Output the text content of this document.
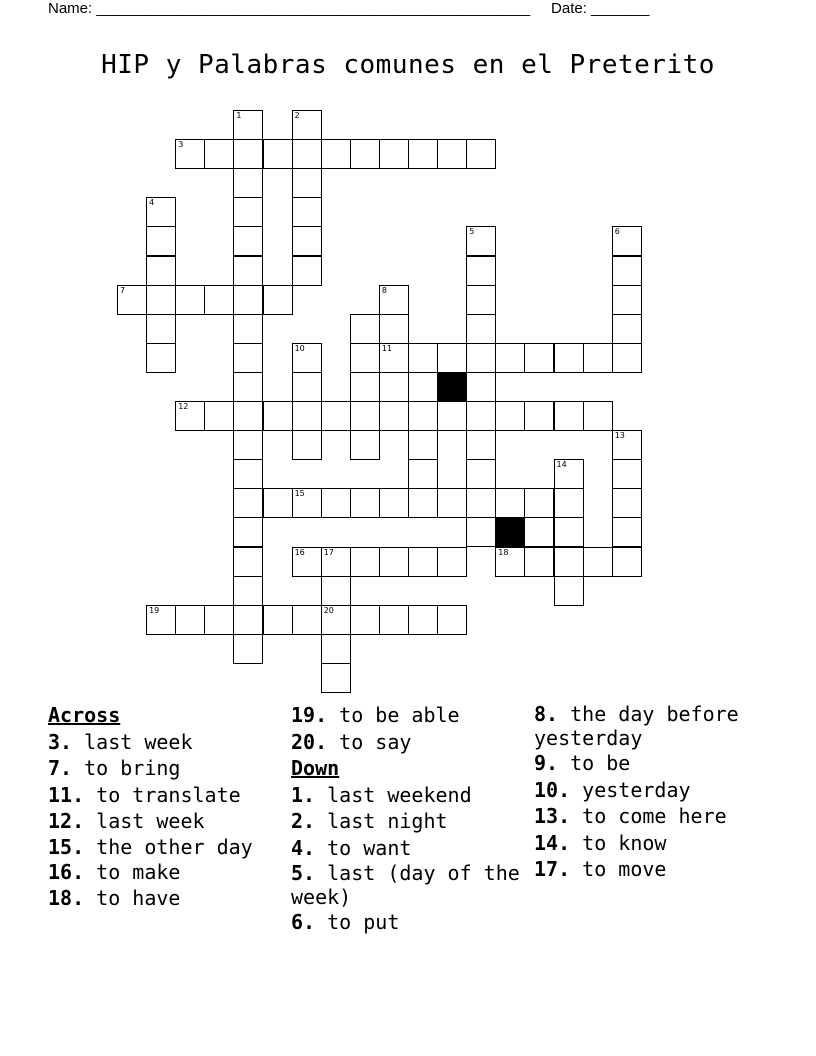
Name: ____________________________________________________ Date: _______
HIP y Palabras comunes en el Preterito
1	2
3
4
5	6
7	8
10	11
12
13
14
15
16 17	18
19	20
Across
3. last week
7. to bring
11. to translate
12. last week
15. the other day
16. to make
18. to have
19. to be able
20. to say
Down
1. last weekend
2. last night
4. to want
5. last (day of the week)
6. to put
8. the day before yesterday
9. to be
10. yesterday
13. to come here
14. to know
17. to move
